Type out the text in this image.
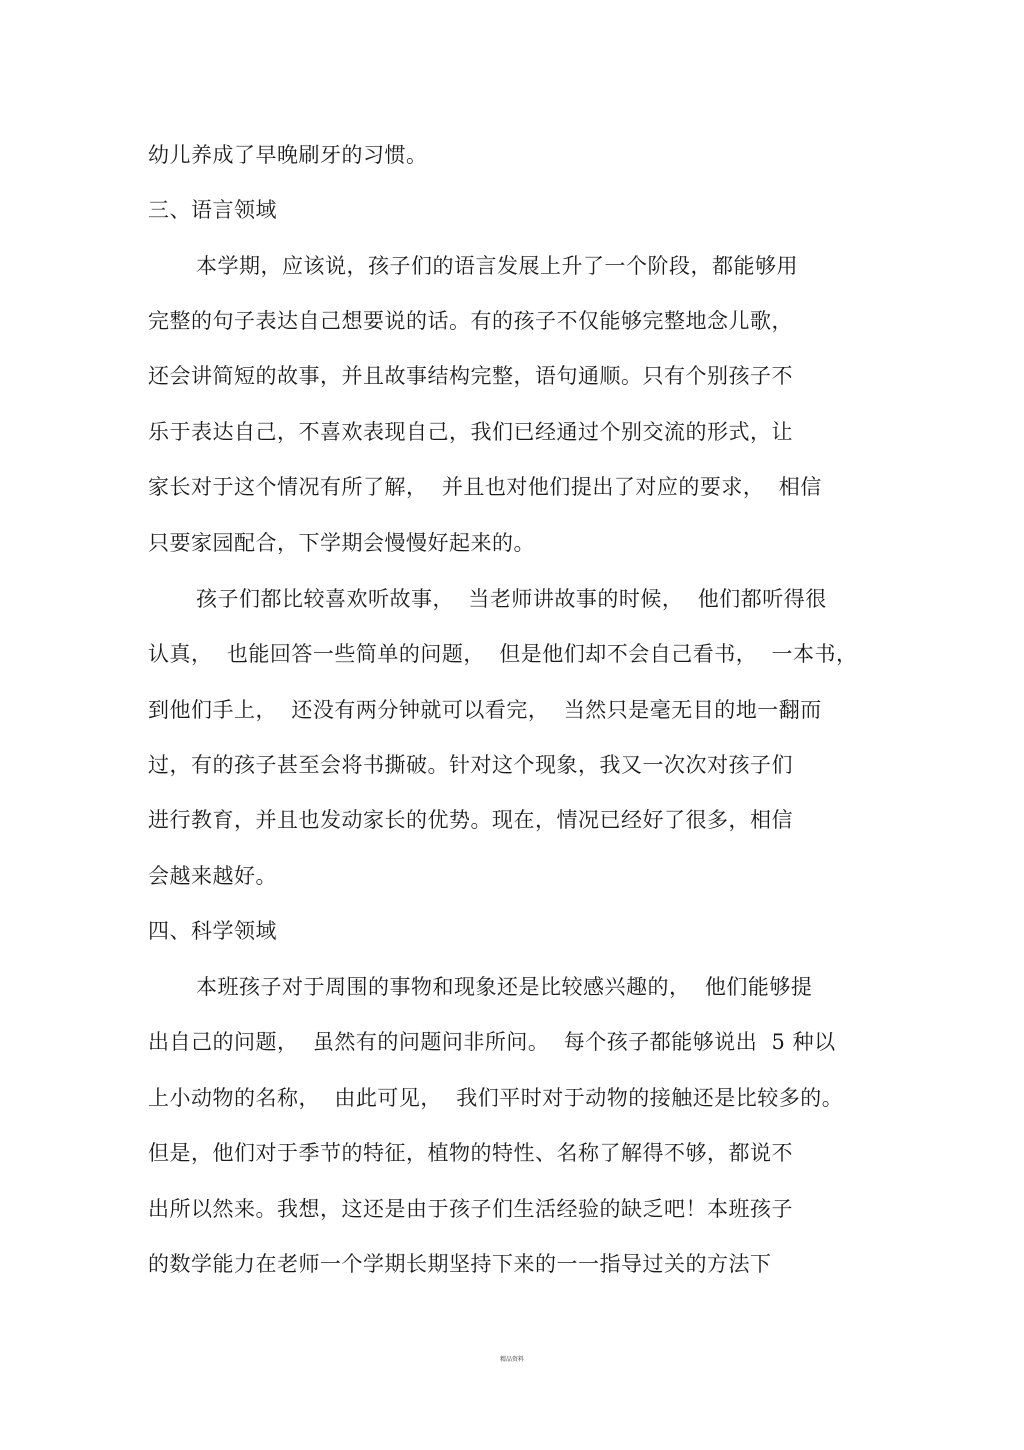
幼儿养成了早晚刷牙的习惯。
三、语言领域
本学期，应该说，孩子们的语言发展上升了一个阶段，都能够用
完整的句子表达自己想要说的话。有的孩子不仅能够完整地念儿歌，
还会讲简短的故事，并且故事结构完整，语句通顺。只有个别孩子不
乐于表达自己，不喜欢表现自己，我们已经通过个别交流的形式，让
家长对于这个情况有所了解，  并且也对他们提出了对应的要求，  相信
只要家园配合，下学期会慢慢好起来的。
孩子们都比较喜欢听故事，  当老师讲故事的时候，  他们都听得很
认真，  也能回答一些简单的问题，  但是他们却不会自己看书，  一本书，
到他们手上，  还没有两分钟就可以看完，  当然只是毫无目的地一翻而
过，有的孩子甚至会将书撕破。针对这个现象，我又一次次对孩子们
进行教育，并且也发动家长的优势。现在，情况已经好了很多，相信
会越来越好。
四、科学领域
本班孩子对于周围的事物和现象还是比较感兴趣的，  他们能够提
出自己的问题，  虽然有的问题问非所问。  每个孩子都能够说出  5 种以
上小动物的名称，  由此可见，  我们平时对于动物的接触还是比较多的。
但是，他们对于季节的特征，植物的特性、名称了解得不够，都说不
出所以然来。我想，这还是由于孩子们生活经验的缺乏吧！本班孩子
的数学能力在老师一个学期长期坚持下来的一一指导过关的方法下
精品资料
